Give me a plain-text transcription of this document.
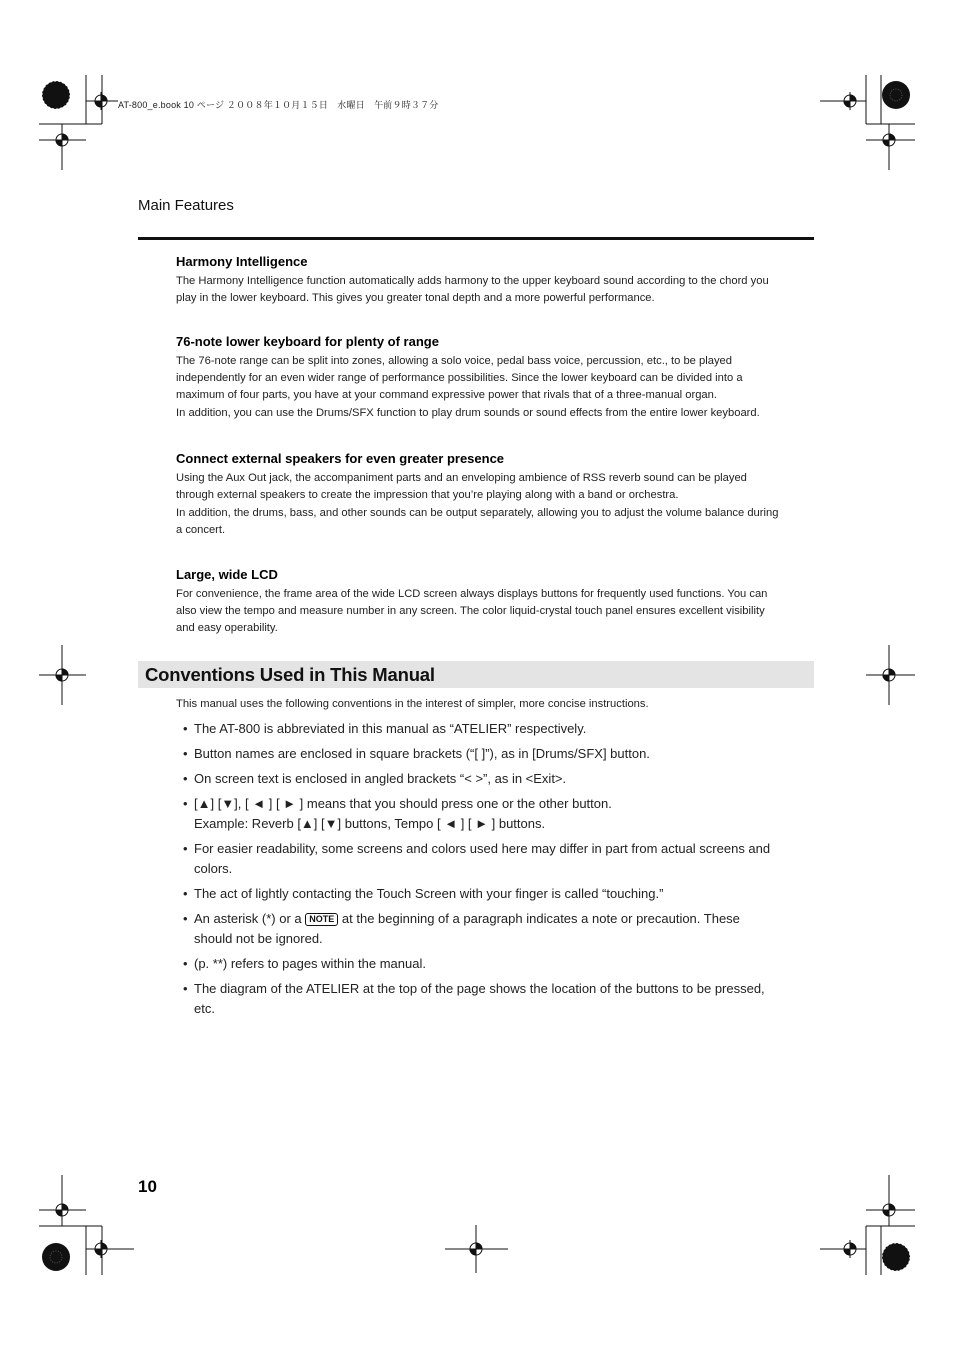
AT-800_e.book 10 ページ ２００８年１０月１５日　水曜日　午前９時３７分
Main Features
Harmony Intelligence

The Harmony Intelligence function automatically adds harmony to the upper keyboard sound according to the chord you play in the lower keyboard. This gives you greater tonal depth and a more powerful performance.

76-note lower keyboard for plenty of range

The 76-note range can be split into zones, allowing a solo voice, pedal bass voice, percussion, etc., to be played independently for an even wider range of performance possibilities. Since the lower keyboard can be divided into a maximum of four parts, you have at your command expressive power that rivals that of a three-manual organ.

In addition, you can use the Drums/SFX function to play drum sounds or sound effects from the entire lower keyboard.

Connect external speakers for even greater presence

Using the Aux Out jack, the accompaniment parts and an enveloping ambience of RSS reverb sound can be played through external speakers to create the impression that you’re playing along with a band or orchestra.

In addition, the drums, bass, and other sounds can be output separately, allowing you to adjust the volume balance during a concert.

Large, wide LCD

For convenience, the frame area of the wide LCD screen always displays buttons for frequently used functions. You can also view the tempo and measure number in any screen. The color liquid-crystal touch panel ensures excellent visibility and easy operability.

Conventions Used in This Manual
This manual uses the following conventions in the interest of simpler, more concise instructions.
• The AT-800 is abbreviated in this manual as “ATELIER” respectively.
• Button names are enclosed in square brackets (“[ ]”), as in [Drums/SFX] button.
• On screen text is enclosed in angled brackets “< >”, as in <Exit>.
• [▲] [▼], [ ◄ ] [ ► ] means that you should press one or the other button.
Example: Reverb [▲] [▼] buttons, Tempo [ ◄ ] [ ► ] buttons.
• For easier readability, some screens and colors used here may differ in part from actual screens and colors.
• The act of lightly contacting the Touch Screen with your finger is called “touching.”
• An asterisk (*) or a NOTE at the beginning of a paragraph indicates a note or precaution. These should not be ignored.
• (p. **) refers to pages within the manual.
• The diagram of the ATELIER at the top of the page shows the location of the buttons to be pressed, etc.
10
